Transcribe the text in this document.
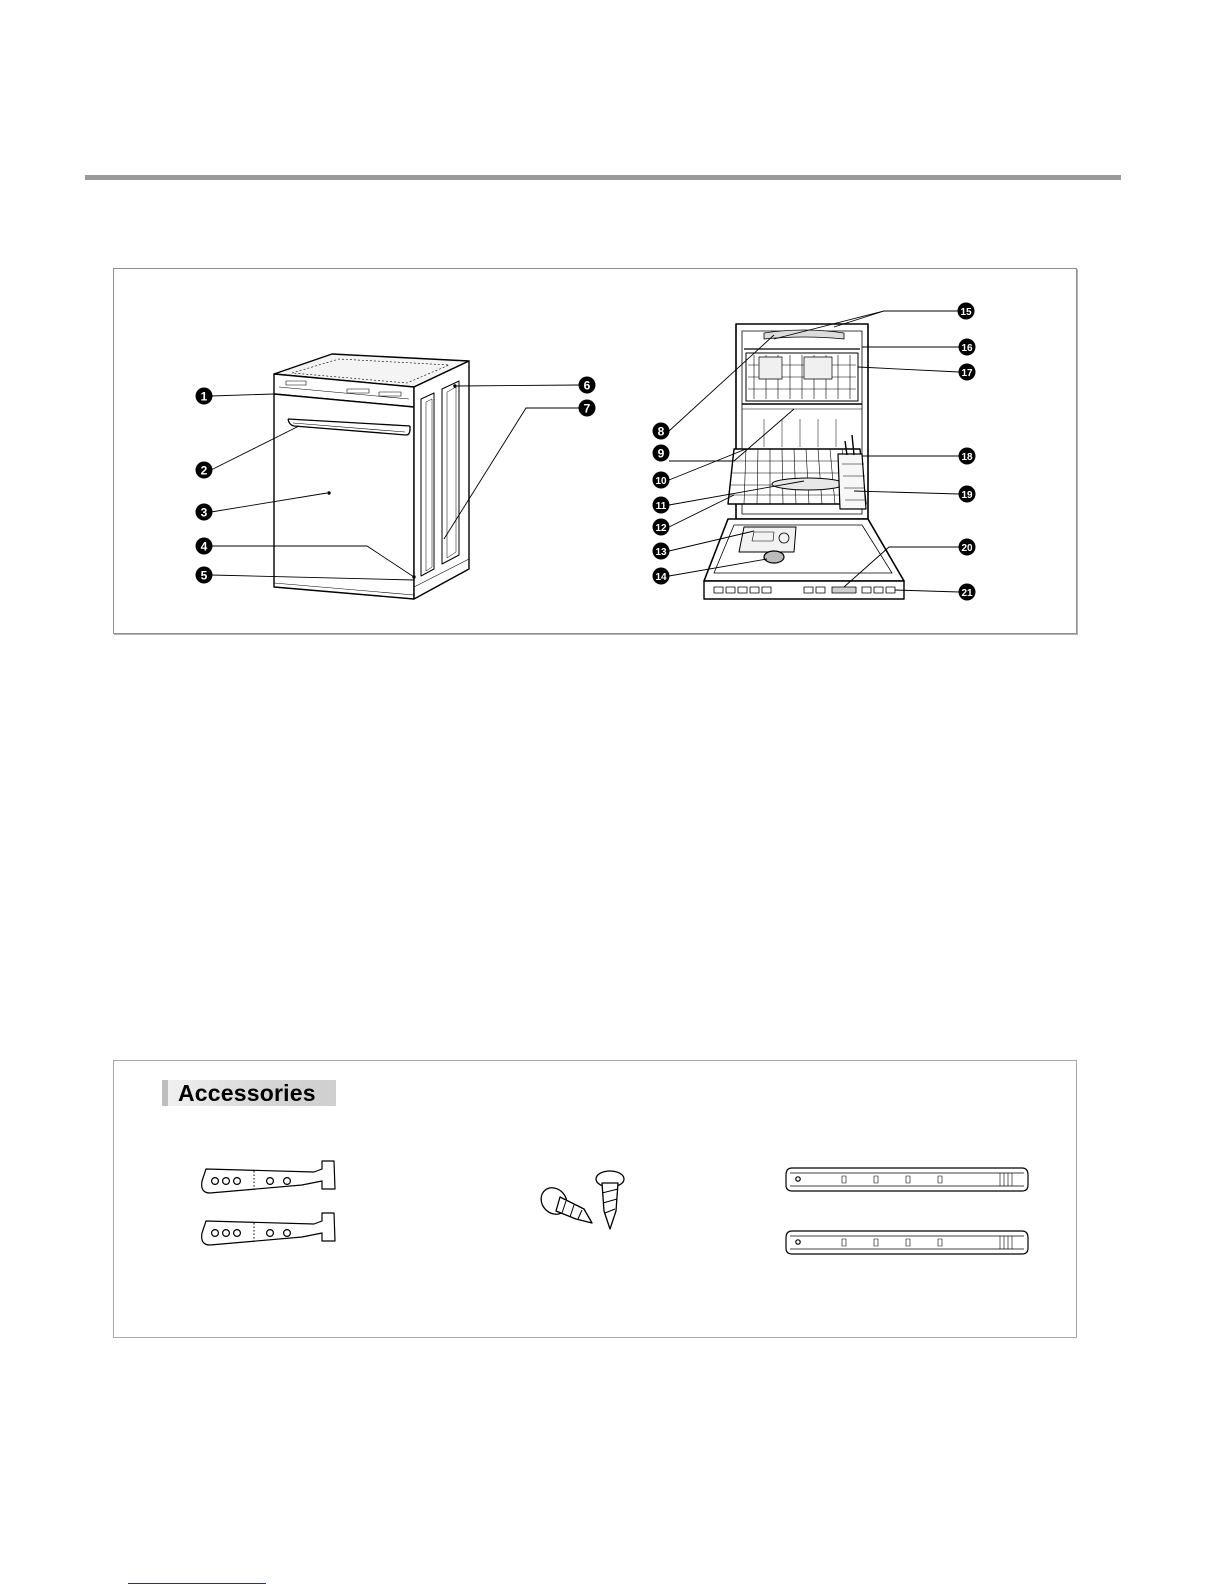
1
2
3
4
5
6
7
8
9
10
11
12
13
14
15
16
17
18
19
20
21
Accessories
